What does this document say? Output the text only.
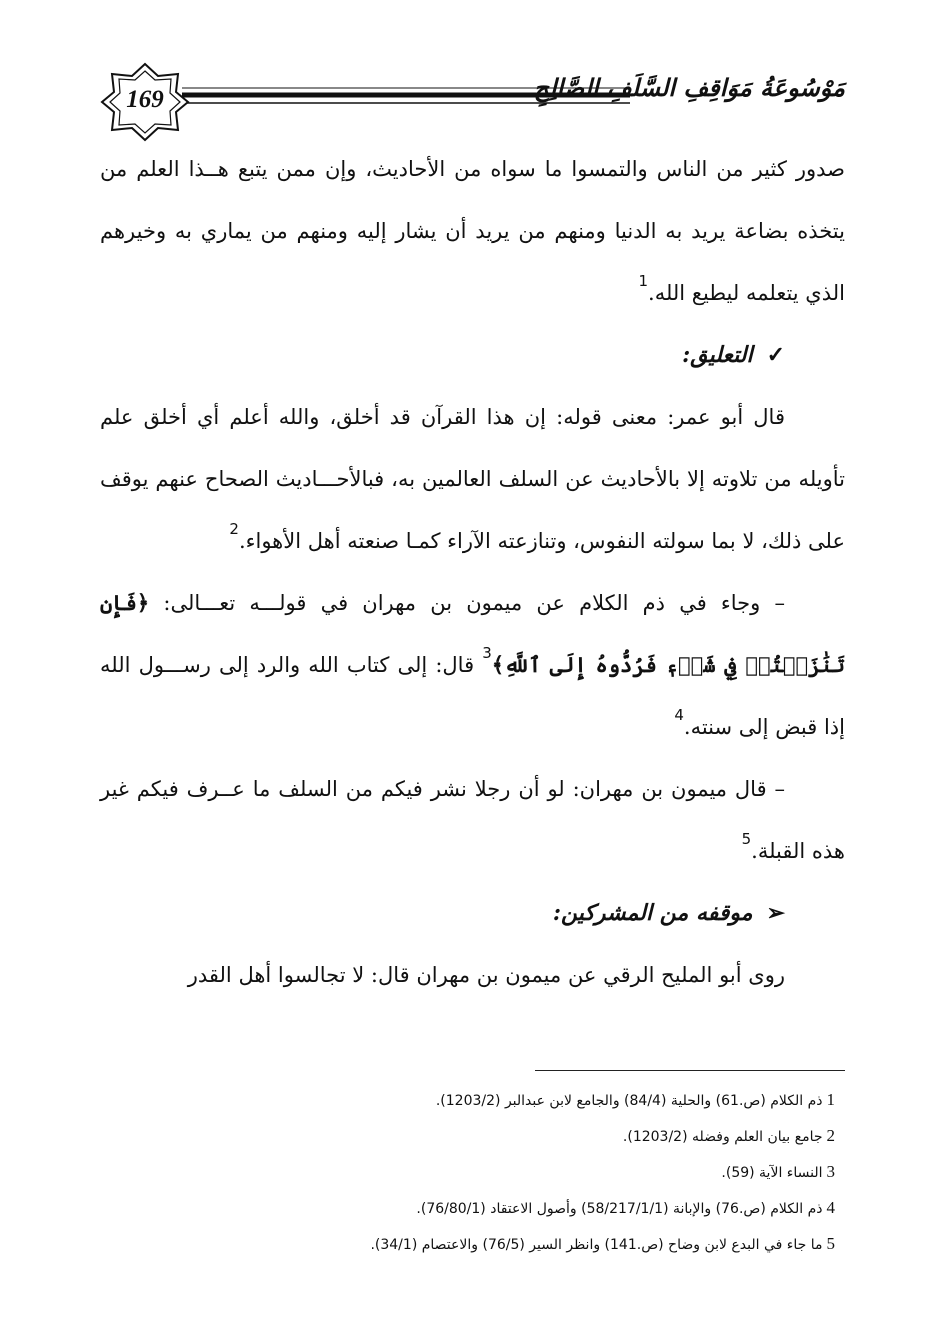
169	مَوْسُوعَةُ مَوَاقِفِ السَّلَفِ الصَّالِحِ

صدور كثير من الناس والتمسوا ما سواه من الأحاديث، وإن ممن يتبع هــذا العلم من يتخذه بضاعة يريد به الدنيا ومنهم من يريد أن يشار إليه ومنهم من يماري به وخيرهم الذي يتعلمه ليطيع الله.$^1$

✓التعليق:

قال أبو عمر: معنى قوله: إن هذا القرآن قد أخلق، والله أعلم أي أخلق علم تأويله من تلاوته إلا بالأحاديث عن السلف العالمين به، فبالأحـــاديث الصحاح عنهم يوقف على ذلك، لا بما سولته النفوس، وتنازعته الآراء كمـا صنعته أهل الأهواء.$^2$

– وجاء في ذم الكلام عن ميمون بن مهران في قولـــه تعـــالى: ﴿فَإِن تَنَٰزَعۡتُمۡ فِي شَيۡءٖ فَرُدُّوهُ إِلَى ٱللَّهِ﴾$^3$ قال: إلى كتاب الله والرد إلى رســـول الله إذا قبض إلى سنته.$^4$

– قال ميمون بن مهران: لو أن رجلا نشر فيكم من السلف ما عــرف فيكم غير هذه القبلة.$^5$

➢موقفه من المشركين:

روى أبو المليح الرقي عن ميمون بن مهران قال: لا تجالسوا أهل القدر

1ذم الكلام (ص.61) والحلية (84/4) والجامع لابن عبدالبر (1203/2).
2جامع بيان العلم وفضله (1203/2).
3النساء الآية (59).
4ذم الكلام (ص.76) والإبانة (58/217/1/1) وأصول الاعتقاد (76/80/1).
5ما جاء في البدع لابن وضاح (ص.141) وانظر السير (76/5) والاعتصام (34/1).
